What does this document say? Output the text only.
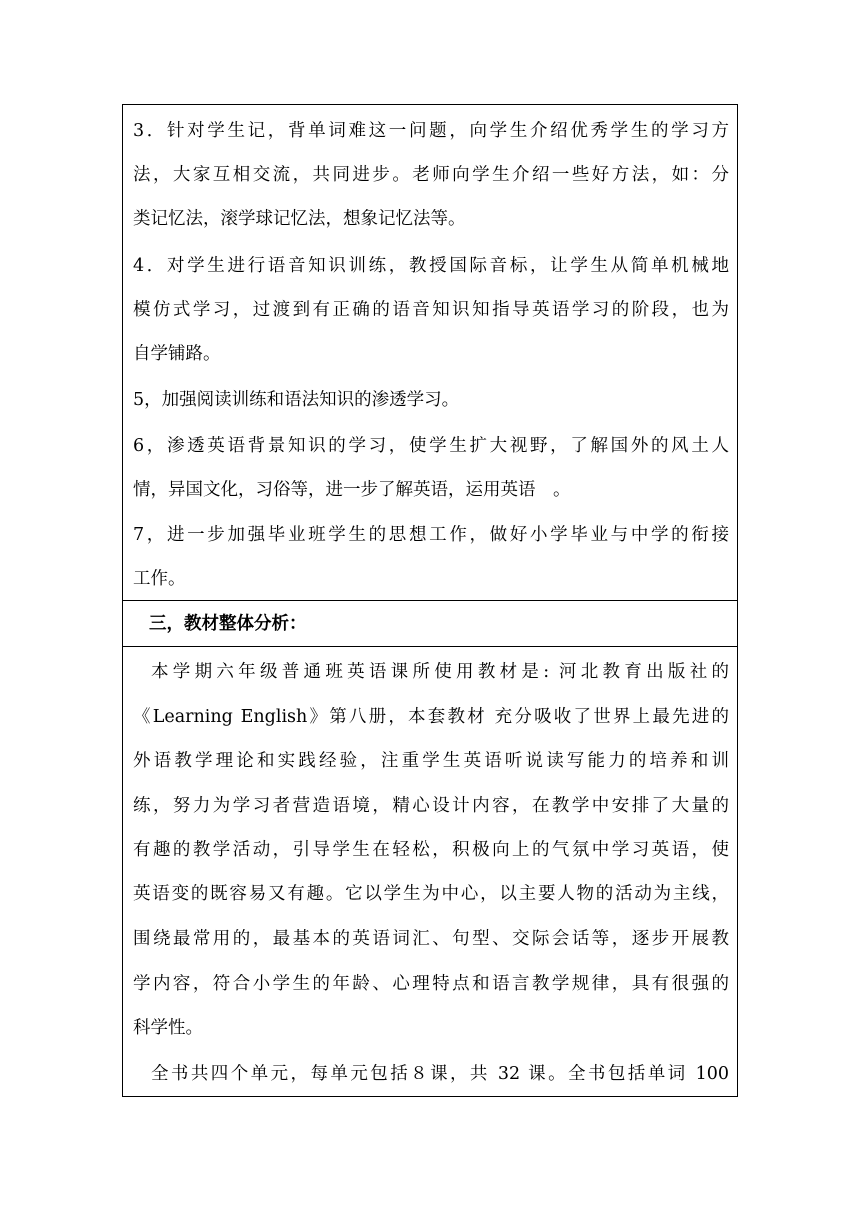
3．针对学生记，背单词难这一问题，向学生介绍优秀学生的学习方
法，大家互相交流，共同进步。老师向学生介绍一些好方法，如：分
类记忆法，滚学球记忆法，想象记忆法等。
4．对学生进行语音知识训练，教授国际音标，让学生从简单机械地
模仿式学习，过渡到有正确的语音知识知指导英语学习的阶段，也为
自学铺路。
5，加强阅读训练和语法知识的渗透学习。
6，渗透英语背景知识的学习，使学生扩大视野，了解国外的风土人
情，异国文化，习俗等，进一步了解英语，运用英语　。
7，进一步加强毕业班学生的思想工作，做好小学毕业与中学的衔接
工作。
三，教材整体分析：
本学期六年级普通班英语课所使用教材是: 河北教育出版社的
《Learning English》第八册，本套教材 充分吸收了世界上最先进的
外语教学理论和实践经验，注重学生英语听说读写能力的培养和训
练，努力为学习者营造语境，精心设计内容，在教学中安排了大量的
有趣的教学活动，引导学生在轻松，积极向上的气氛中学习英语，使
英语变的既容易又有趣。它以学生为中心，以主要人物的活动为主线，
围绕最常用的，最基本的英语词汇、句型、交际会话等，逐步开展教
学内容，符合小学生的年龄、心理特点和语言教学规律，具有很强的
科学性。
全书共四个单元，每单元包括８课，共 32 课。全书包括单词 100
